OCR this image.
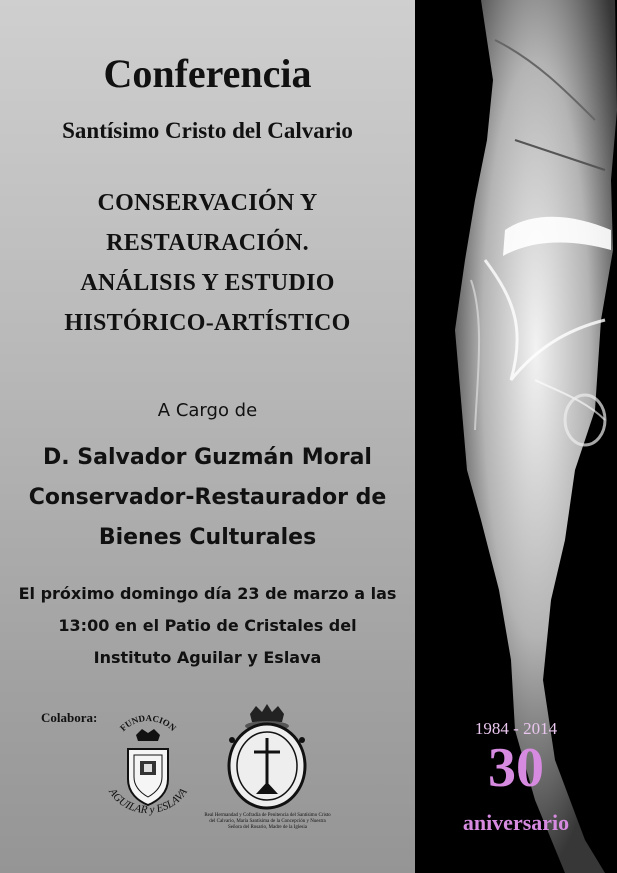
Conferencia
Santísimo Cristo del Calvario
CONSERVACIÓN Y
RESTAURACIÓN.
ANÁLISIS Y ESTUDIO
HISTÓRICO-ARTÍSTICO
A Cargo de
D. Salvador Guzmán Moral
Conservador-Restaurador de
Bienes Culturales
El próximo domingo día 23 de marzo a las
13:00 en el Patio de Cristales del
Instituto Aguilar y Eslava
Colabora:
FUNDACION
AGUILAR y ESLAVA
Real Hermandad y Cofradía de Penitencia del Santísimo Cristo
del Calvario, María Santísima de la Concepción y Nuestra
Señora del Rosario, Madre de la Iglesia
1984 - 2014
30
aniversario
